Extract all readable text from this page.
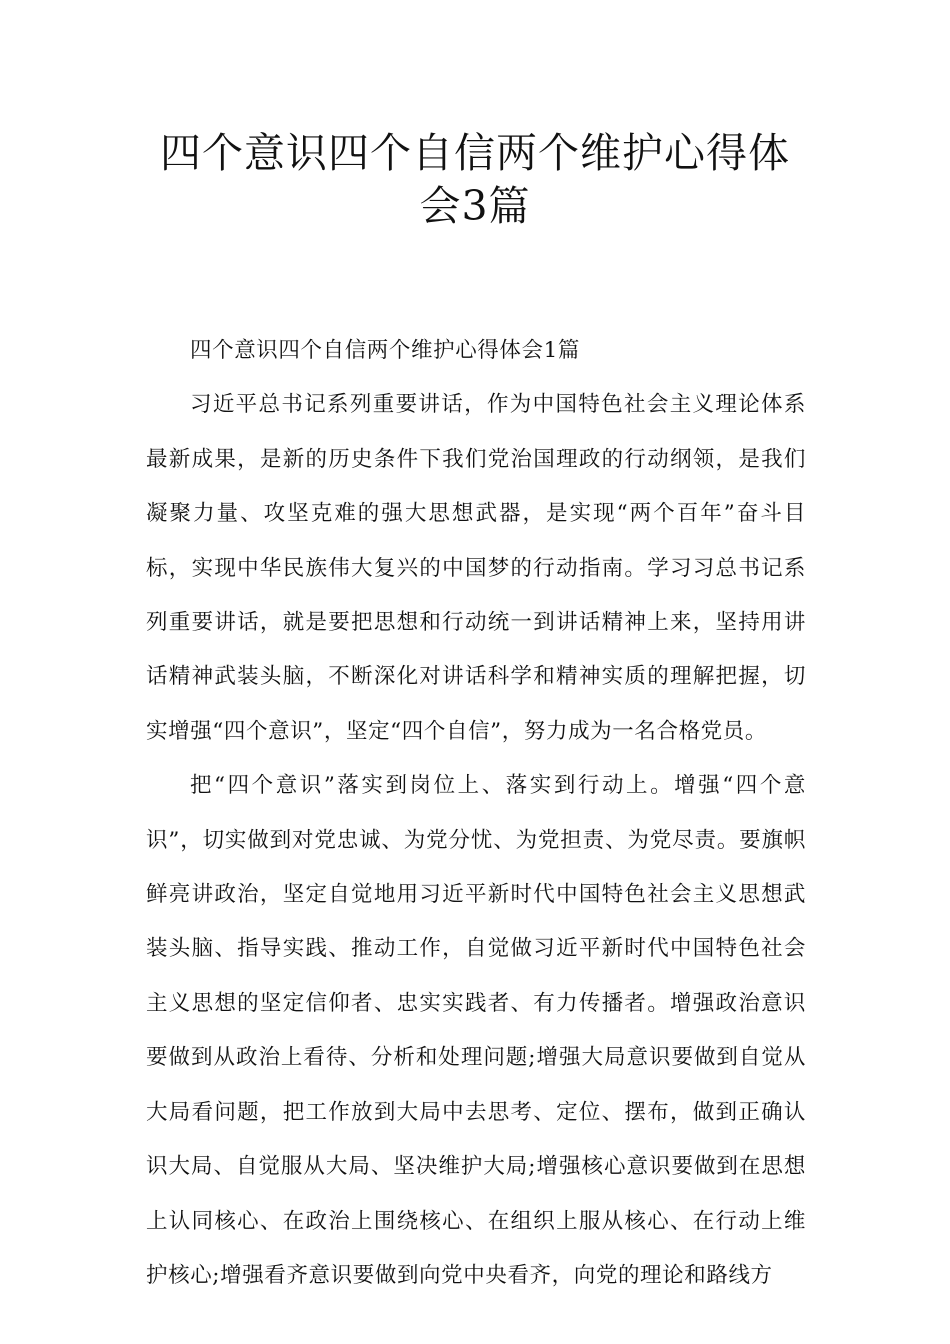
四个意识四个自信两个维护心得体会3篇

四个意识四个自信两个维护心得体会1篇

习近平总书记系列重要讲话，作为中国特色社会主义理论体系最新成果，是新的历史条件下我们党治国理政的行动纲领，是我们凝聚力量、攻坚克难的强大思想武器，是实现“两个百年”奋斗目标，实现中华民族伟大复兴的中国梦的行动指南。学习习总书记系列重要讲话，就是要把思想和行动统一到讲话精神上来，坚持用讲话精神武装头脑，不断深化对讲话科学和精神实质的理解把握，切实增强“四个意识”，坚定“四个自信”，努力成为一名合格党员。

把“四个意识”落实到岗位上、落实到行动上。增强“四个意识”，切实做到对党忠诚、为党分忧、为党担责、为党尽责。要旗帜鲜亮讲政治，坚定自觉地用习近平新时代中国特色社会主义思想武装头脑、指导实践、推动工作，自觉做习近平新时代中国特色社会主义思想的坚定信仰者、忠实实践者、有力传播者。增强政治意识要做到从政治上看待、分析和处理问题;增强大局意识要做到自觉从大局看问题，把工作放到大局中去思考、定位、摆布，做到正确认识大局、自觉服从大局、坚决维护大局;增强核心意识要做到在思想上认同核心、在政治上围绕核心、在组织上服从核心、在行动上维护核心;增强看齐意识要做到向党中央看齐，向党的理论和路线方
